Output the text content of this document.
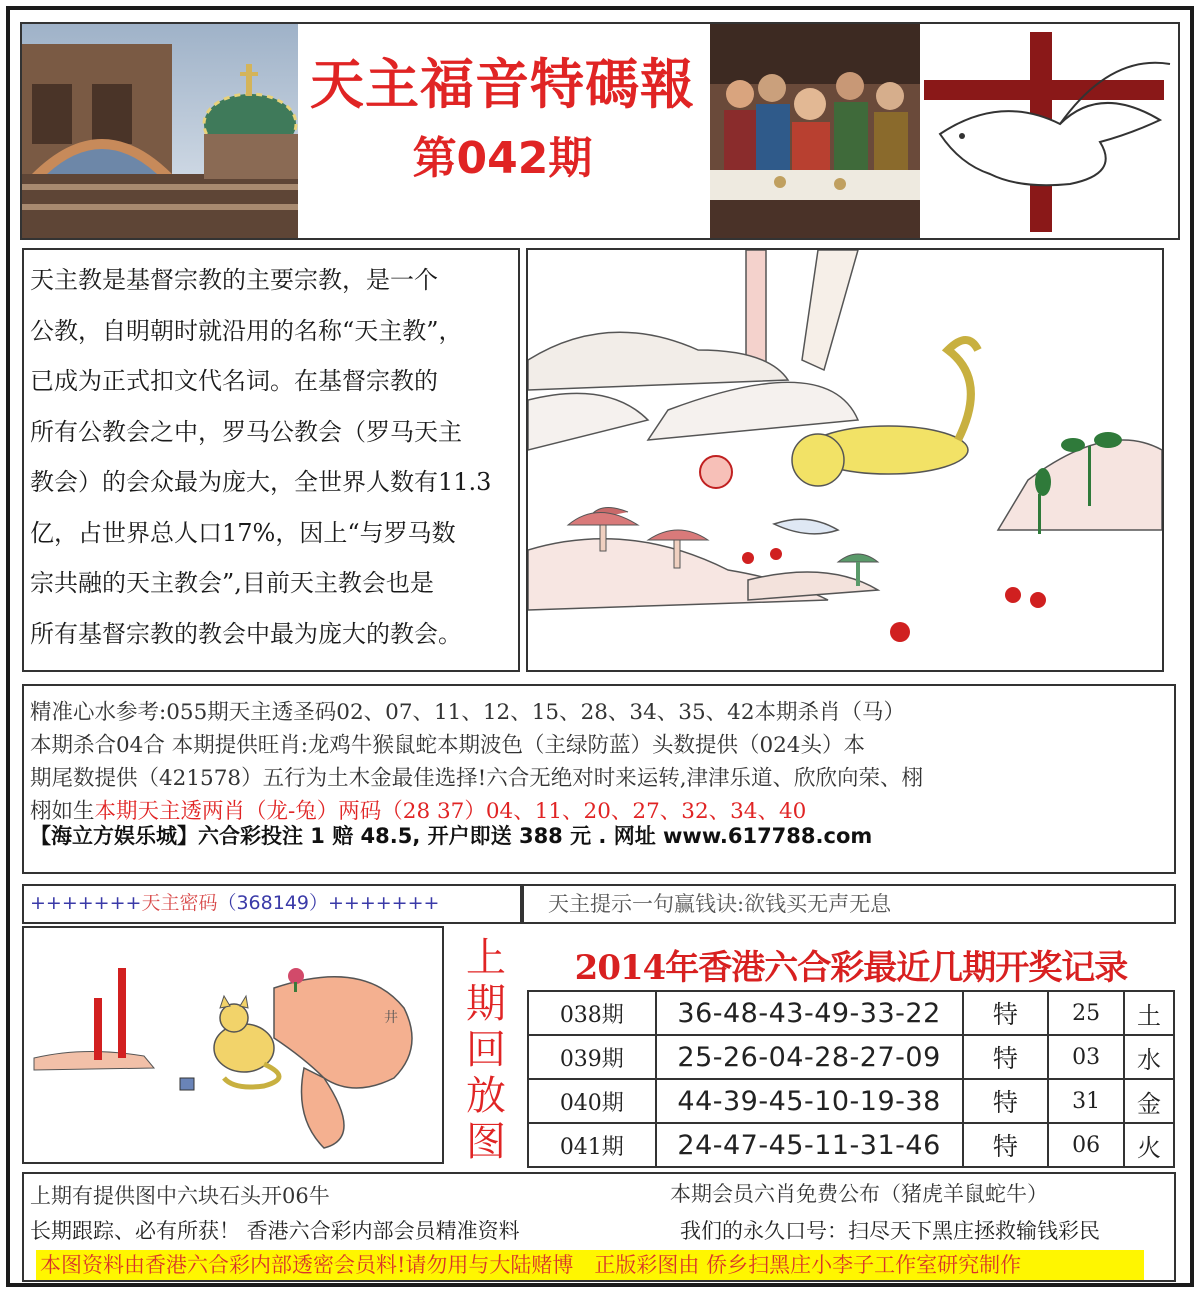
天主福音特碼報
第042期
天主教是基督宗教的主要宗教，是一个
公教，自明朝时就沿用的名称“天主教”，
已成为正式扣文代名词。在基督宗教的
所有公教会之中，罗马公教会（罗马天主
教会）的会众最为庞大，全世界人数有11.3
亿，占世界总人口17%，因上“与罗马数
宗共融的天主教会”,目前天主教会也是
所有基督宗教的教会中最为庞大的教会。
精准心水参考:055期天主透圣码02、07、11、12、15、28、34、35、42本期杀肖（马）
本期杀合04合 本期提供旺肖:龙鸡牛猴鼠蛇本期波色（主绿防蓝）头数提供（024头）本
期尾数提供（421578）五行为土木金最佳选择!六合无绝对时来运转,津津乐道、欣欣向荣、栩
栩如生本期天主透两肖（龙-兔）两码（28 37）04、11、20、27、32、34、40
【海立方娱乐城】六合彩投注 1 赔 48.5, 开户即送 388 元 . 网址 www.617788.com
+++++++天主密码（368149）+++++++	天主提示一句赢钱诀:欲钱买无声无息
井
上
期
回
放
图
2014年香港六合彩最近几期开奖记录
038期	36-48-43-49-33-22	特	25	土
039期	25-26-04-28-27-09	特	03	水
040期	44-39-45-10-19-38	特	31	金
041期	24-47-45-11-31-46	特	06	火
上期有提供图中六块石头开06牛	本期会员六肖免费公布（猪虎羊鼠蛇牛）
长期跟踪、必有所获！ 香港六合彩内部会员精准资料	我们的永久口号：扫尽天下黑庄拯救输钱彩民
本图资料由香港六合彩内部透密会员料!请勿用与大陆赌博　正版彩图由 侨乡扫黑庄小李子工作室研究制作
